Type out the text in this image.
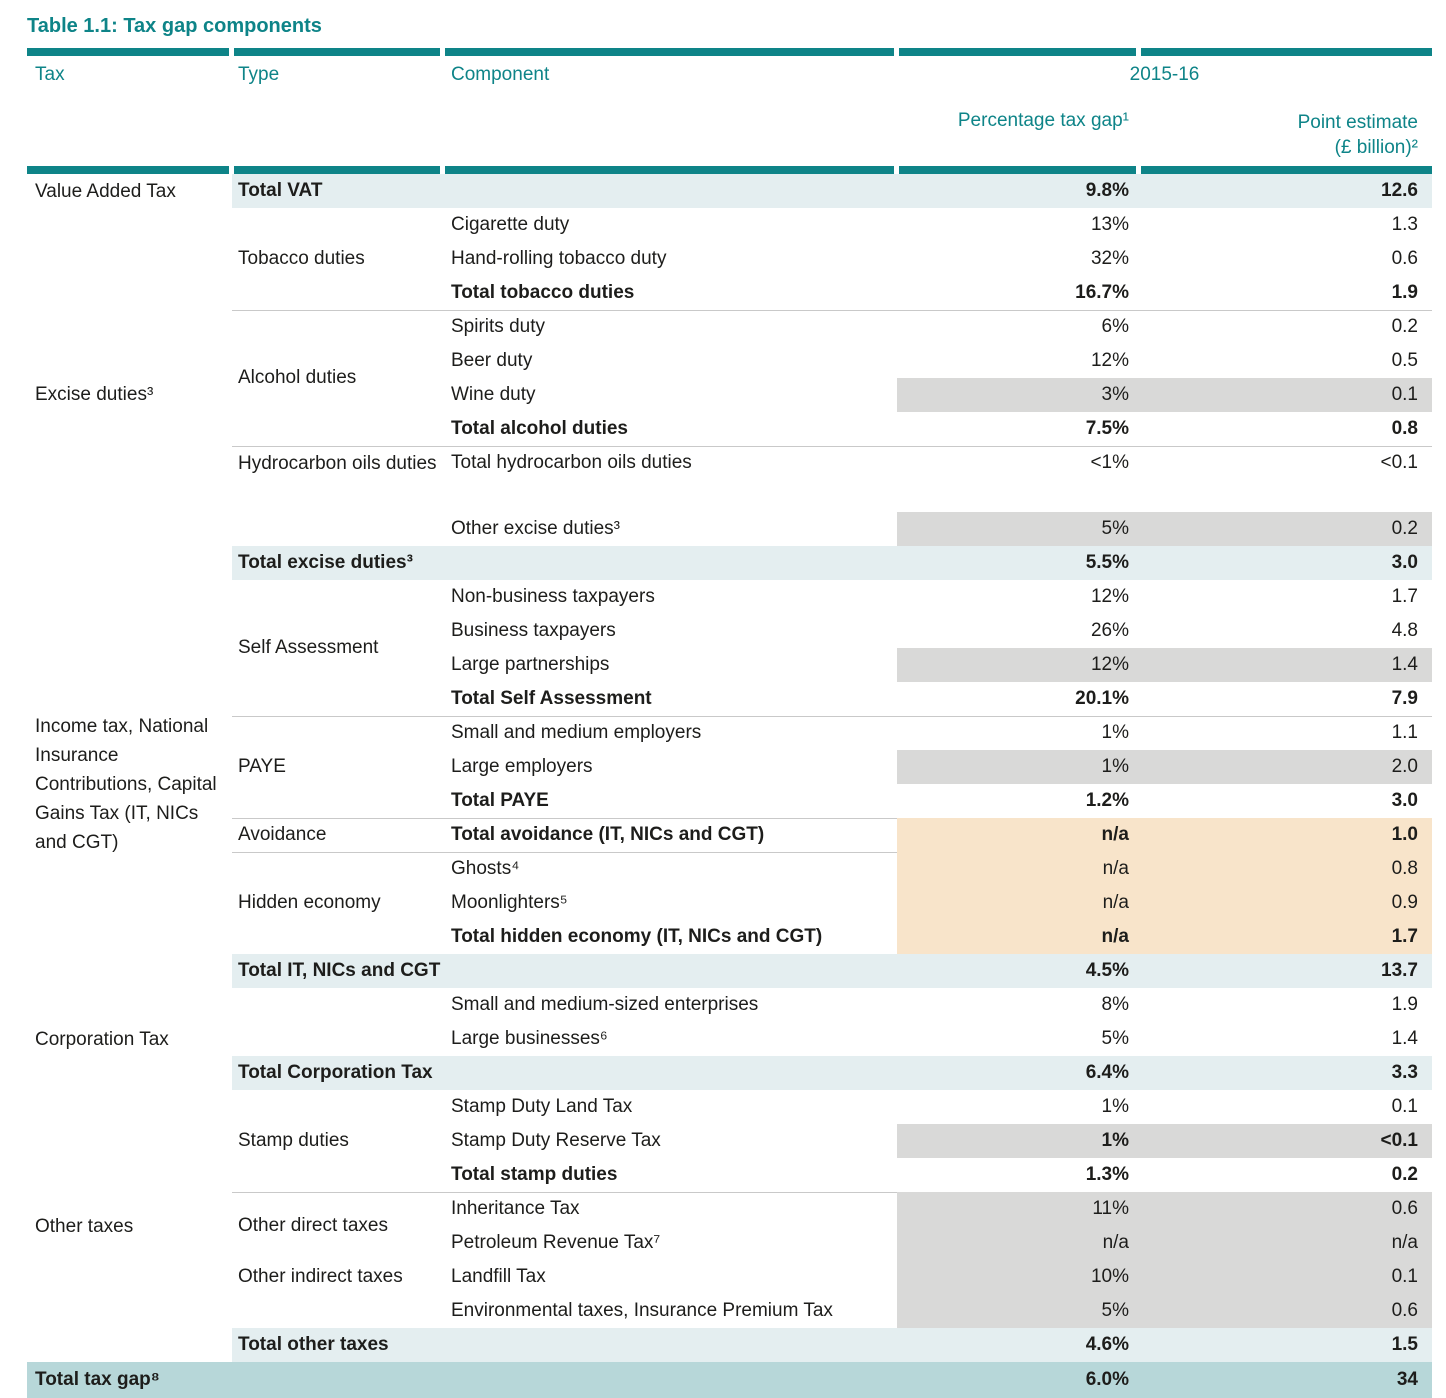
Table 1.1: Tax gap components

Tax	Type	Component	2015-16	
			Percentage tax gap¹	Point estimate
(£ billion)²

Value Added Tax	Total VAT		9.8%	12.6
Excise duties³	Tobacco duties	Cigarette duty	13%	1.3
		Hand-rolling tobacco duty	32%	0.6
		Total tobacco duties	16.7%	1.9
	Alcohol duties	Spirits duty	6%	0.2
		Beer duty	12%	0.5
		Wine duty	3%	0.1
		Total alcohol duties	7.5%	0.8
	Hydrocarbon oils duties	Total hydrocarbon oils duties	<1%	<0.1
		Other excise duties³	5%	0.2
	Total excise duties³		5.5%	3.0
Income tax, National Insurance Contributions, Capital Gains Tax (IT, NICs and CGT)	Self Assessment	Non-business taxpayers	12%	1.7
		Business taxpayers	26%	4.8
		Large partnerships	12%	1.4
		Total Self Assessment	20.1%	7.9
	PAYE	Small and medium employers	1%	1.1
		Large employers	1%	2.0
		Total PAYE	1.2%	3.0
	Avoidance	Total avoidance (IT, NICs and CGT)	n/a	1.0
	Hidden economy	Ghosts⁴	n/a	0.8
		Moonlighters⁵	n/a	0.9
		Total hidden economy (IT, NICs and CGT)	n/a	1.7
	Total IT, NICs and CGT		4.5%	13.7
Corporation Tax		Small and medium-sized enterprises	8%	1.9
		Large businesses⁶	5%	1.4
	Total Corporation Tax		6.4%	3.3
Other taxes	Stamp duties	Stamp Duty Land Tax	1%	0.1
		Stamp Duty Reserve Tax	1%	<0.1
		Total stamp duties	1.3%	0.2
	Other direct taxes	Inheritance Tax	11%	0.6
		Petroleum Revenue Tax⁷	n/a	n/a
	Other indirect taxes	Landfill Tax	10%	0.1
		Environmental taxes, Insurance Premium Tax	5%	0.6
	Total other taxes		4.6%	1.5
Total tax gap⁸			6.0%	34
